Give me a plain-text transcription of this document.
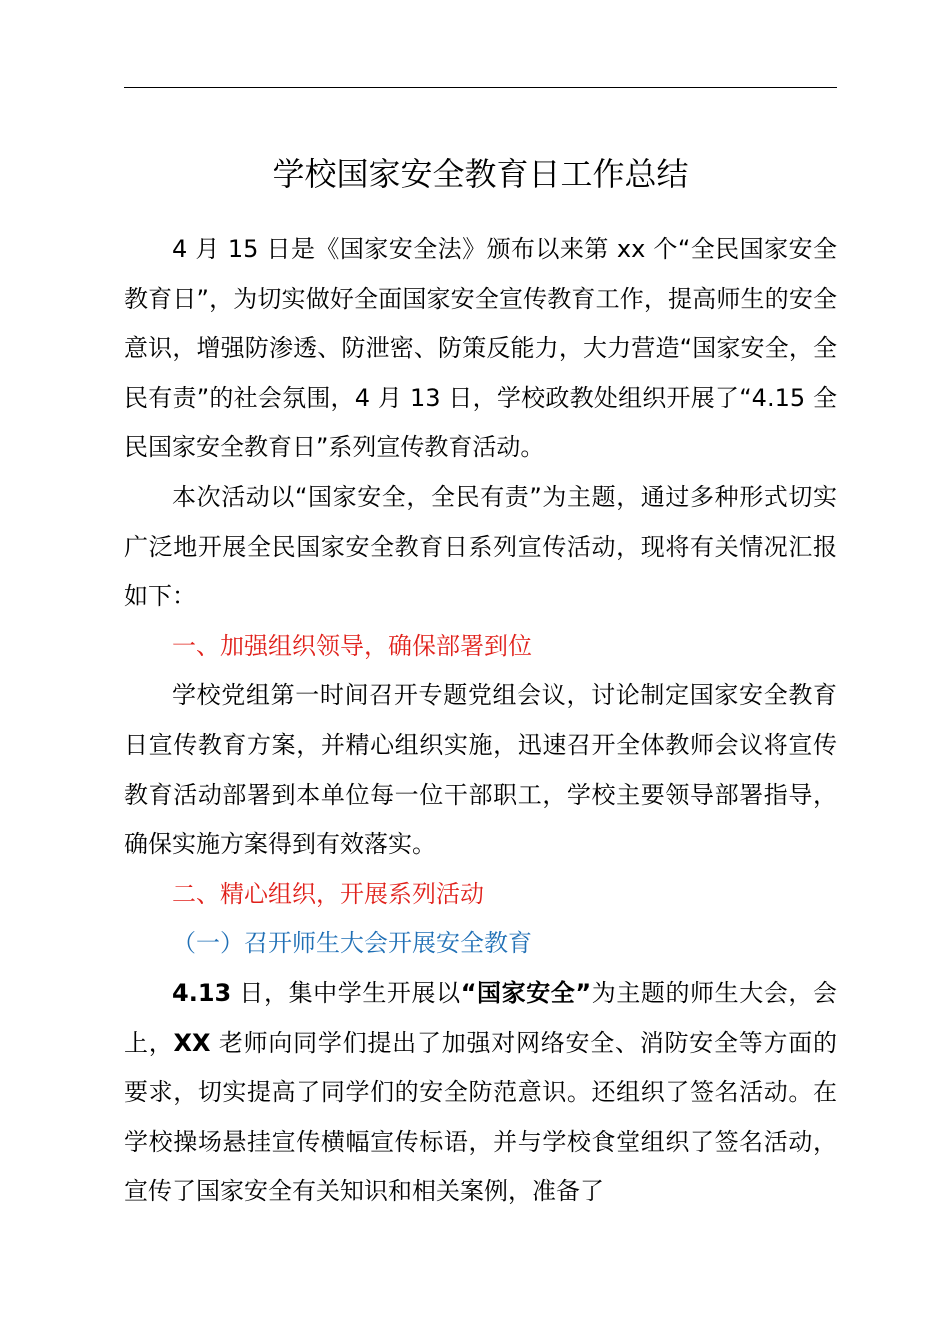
学校国家安全教育日工作总结

4 月 15 日是《国家安全法》颁布以来第 xx 个“全民国家安全教育日”，为切实做好全面国家安全宣传教育工作，提高师生的安全意识，增强防渗透、防泄密、防策反能力，大力营造“国家安全，全民有责”的社会氛围，4 月 13 日，学校政教处组织开展了“4.15 全民国家安全教育日”系列宣传教育活动。

本次活动以“国家安全，全民有责”为主题，通过多种形式切实广泛地开展全民国家安全教育日系列宣传活动，现将有关情况汇报如下：

一、加强组织领导，确保部署到位

学校党组第一时间召开专题党组会议，讨论制定国家安全教育日宣传教育方案，并精心组织实施，迅速召开全体教师会议将宣传教育活动部署到本单位每一位干部职工，学校主要领导部署指导，确保实施方案得到有效落实。

二、精心组织，开展系列活动

（一）召开师生大会开展安全教育

4.13 日，集中学生开展以“国家安全”为主题的师生大会，会上，XX 老师向同学们提出了加强对网络安全、消防安全等方面的要求，切实提高了同学们的安全防范意识。还组织了签名活动。在学校操场悬挂宣传横幅宣传标语，并与学校食堂组织了签名活动，宣传了国家安全有关知识和相关案例，准备了
